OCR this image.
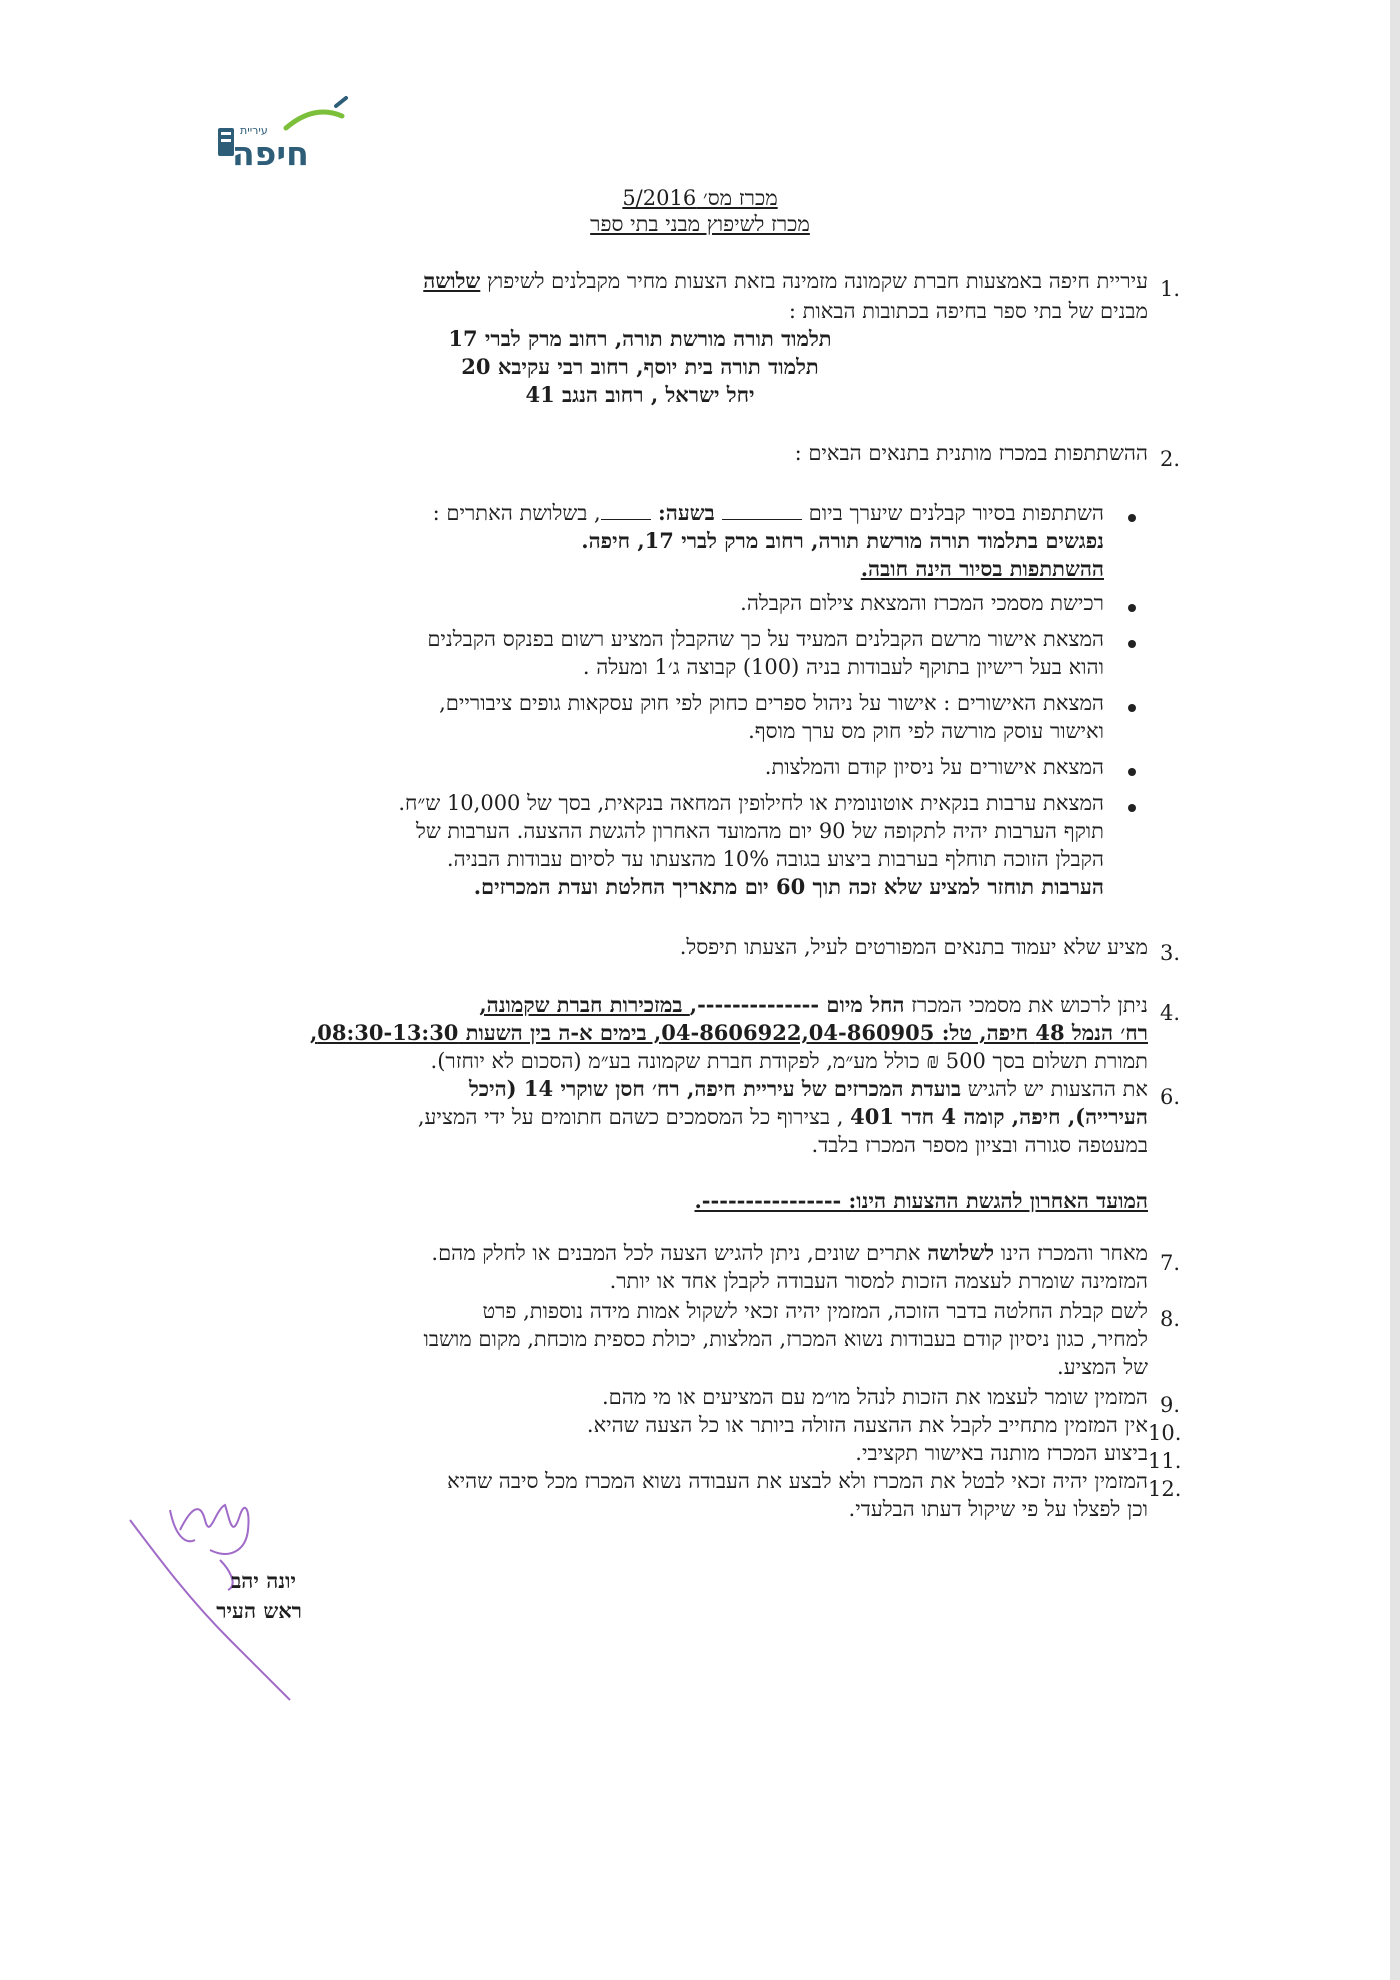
עיריית
חיפה
מכרז מס׳ 5/2016
מכרז לשיפוץ מבני בתי ספר
1.
עיריית חיפה באמצעות חברת שקמונה מזמינה בזאת הצעות מחיר מקבלנים לשיפוץ שלושה
מבנים של בתי ספר בחיפה בכתובות הבאות :
תלמוד תורה מורשת תורה, רחוב מרק לברי 17
תלמוד תורה בית יוסף, רחוב רבי עקיבא 20
יחל ישראל , רחוב הנגב 41
2.
ההשתתפות במכרז מותנית בתנאים הבאים :
השתתפות בסיור קבלנים שיערך ביום  בשעה: , בשלושת האתרים :
נפגשים בתלמוד תורה מורשת תורה, רחוב מרק לברי 17, חיפה.
ההשתתפות בסיור הינה חובה.
רכישת מסמכי המכרז והמצאת צילום הקבלה.
המצאת אישור מרשם הקבלנים המעיד על כך שהקבלן המציע רשום בפנקס הקבלנים
והוא בעל רישיון בתוקף לעבודות בניה (100) קבוצה ג׳1 ומעלה .
המצאת האישורים : אישור על ניהול ספרים כחוק לפי חוק עסקאות גופים ציבוריים,
ואישור עוסק מורשה לפי חוק מס ערך מוסף.
המצאת אישורים על ניסיון קודם והמלצות.
המצאת ערבות בנקאית אוטונומית או לחילופין המחאה בנקאית, בסך של 10,000 ש״ח.
תוקף הערבות יהיה לתקופה של 90 יום מהמועד האחרון להגשת ההצעה. הערבות של
הקבלן הזוכה תוחלף בערבות ביצוע בגובה 10% מהצעתו עד לסיום עבודות הבניה.
הערבות תוחזר למציע שלא זכה תוך 60 יום מתאריך החלטת ועדת המכרזים.
3.
מציע שלא יעמוד בתנאים המפורטים לעיל, הצעתו תיפסל.
4.
ניתן לרכוש את מסמכי המכרז החל מיום --------------, במזכירות חברת שקמונה,
רח׳ הנמל 48 חיפה, טל: 04-8606922,04-860905, בימים א-ה בין השעות 08:30-13:30,
תמורת תשלום בסך 500 ₪ כולל מע״מ, לפקודת חברת שקמונה בע״מ (הסכום לא יוחזר).
6.
את ההצעות יש להגיש בועדת המכרזים של עיריית חיפה, רח׳ חסן שוקרי 14 (היכל
העירייה), חיפה, קומה 4 חדר 401 , בצירוף כל המסמכים כשהם חתומים על ידי המציע,
במעטפה סגורה ובציון מספר המכרז בלבד.
המועד האחרון להגשת ההצעות הינו: ----------------.
7.
מאחר והמכרז הינו לשלושה אתרים שונים, ניתן להגיש הצעה לכל המבנים או לחלק מהם.
המזמינה שומרת לעצמה הזכות למסור העבודה לקבלן אחד או יותר.
8.
לשם קבלת החלטה בדבר הזוכה, המזמין יהיה זכאי לשקול אמות מידה נוספות, פרט
למחיר, כגון ניסיון קודם בעבודות נשוא המכרז, המלצות, יכולת כספית מוכחת, מקום מושבו
של המציע.
9.
המזמין שומר לעצמו את הזכות לנהל מו״מ עם המציעים או מי מהם.
10.
אין המזמין מתחייב לקבל את ההצעה הזולה ביותר או כל הצעה שהיא.
11.
ביצוע המכרז מותנה באישור תקציבי.
12.
המזמין יהיה זכאי לבטל את המכרז ולא לבצע את העבודה נשוא המכרז מכל סיבה שהיא
וכן לפצלו על פי שיקול דעתו הבלעדי.
יונה יהב
ראש העיר
